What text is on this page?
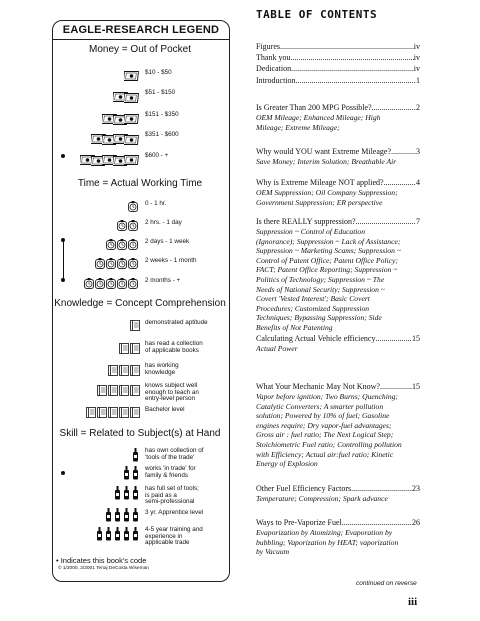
EAGLE-RESEARCH LEGEND
Money = Out of Pocket
Time = Actual Working Time
Knowledge = Concept Comprehension
Skill = Related to Subject(s) at Hand
$10 - $50
$51 - $150
$151 - $350
$351 - $600
$600 - +
0 - 1 hr.
2 hrs. - 1 day
2 days - 1 week
2 weeks - 1 month
2 months - +
demonstrated aptitude
has read a collection
of applicable books
has working
knowledge
knows subject well
enough to teach an
entry-level person
Bachelor level
has own collection of
'tools of the trade'
works 'in trade' for
family & friends
has full set of tools;
is paid as a
semi-professional
3 yr. Apprentice level
4-5 year training and
experience in
applicable trade
• Indicates this book's code
© 1/2000, 2/2001 Tenaj DeCosta Wiseman
TABLE OF CONTENTS
Figures .....	iv
Thank you .....	iv
Dedication .....	iv
Introduction .....	1
Is Greater Than 200 MPG Possible? .....	2
OEM Mileage; Enhanced Mileage; High
Mileage; Extreme Mileage;
Why would YOU want Extreme Mileage? .....	3
Save Money; Interim Solution; Breathable Air
Why is Extreme Mileage NOT applied? .....	4
OEM Suppression; Oil Company Suppression;
Government Suppression; ER perspective
Is there REALLY suppression? .....	7
Suppression ~ Control of Education
(Ignorance); Suppression ~ Lack of Assistance;
Suppression ~ Marketing Scams; Suppression ~
Control of Patent Office; Patent Office Policy;
FACT; Patent Office Reporting; Suppression ~
Politics of Technology; Suppression ~ The
Needs of National Security; Suppression ~
Covert 'Vested Interest'; Basic Covert
Procedures; Customized Suppression
Techniques; Bypassing Suppression; Side
Benefits of Not Patenting
Calculating Actual Vehicle efficiency .....	15
Actual Power
What Your Mechanic May Not Know? .....	15
Vapor before ignition; Two Burns; Quenching;
Catalytic Converters; A smarter pollution
solution; Powered by 10% of fuel; Gasoline
engines require; Dry vapor-fuel advantages;
Gross air : fuel ratio; The Next Logical Step;
Stoichiometric Fuel ratio; Controlling pollution
with Efficiency; Actual air:fuel ratio; Kinetic
Energy of Explosion
Other Fuel Efficiency Factors .....	23
Temperature; Compression; Spark advance
Ways to Pre-Vaporize Fuel .....	26
Evaporization by Atomizing; Evaporation by
bubbling; Vaporization by HEAT; vaporization
by Vacuum
continued on reverse
iii
